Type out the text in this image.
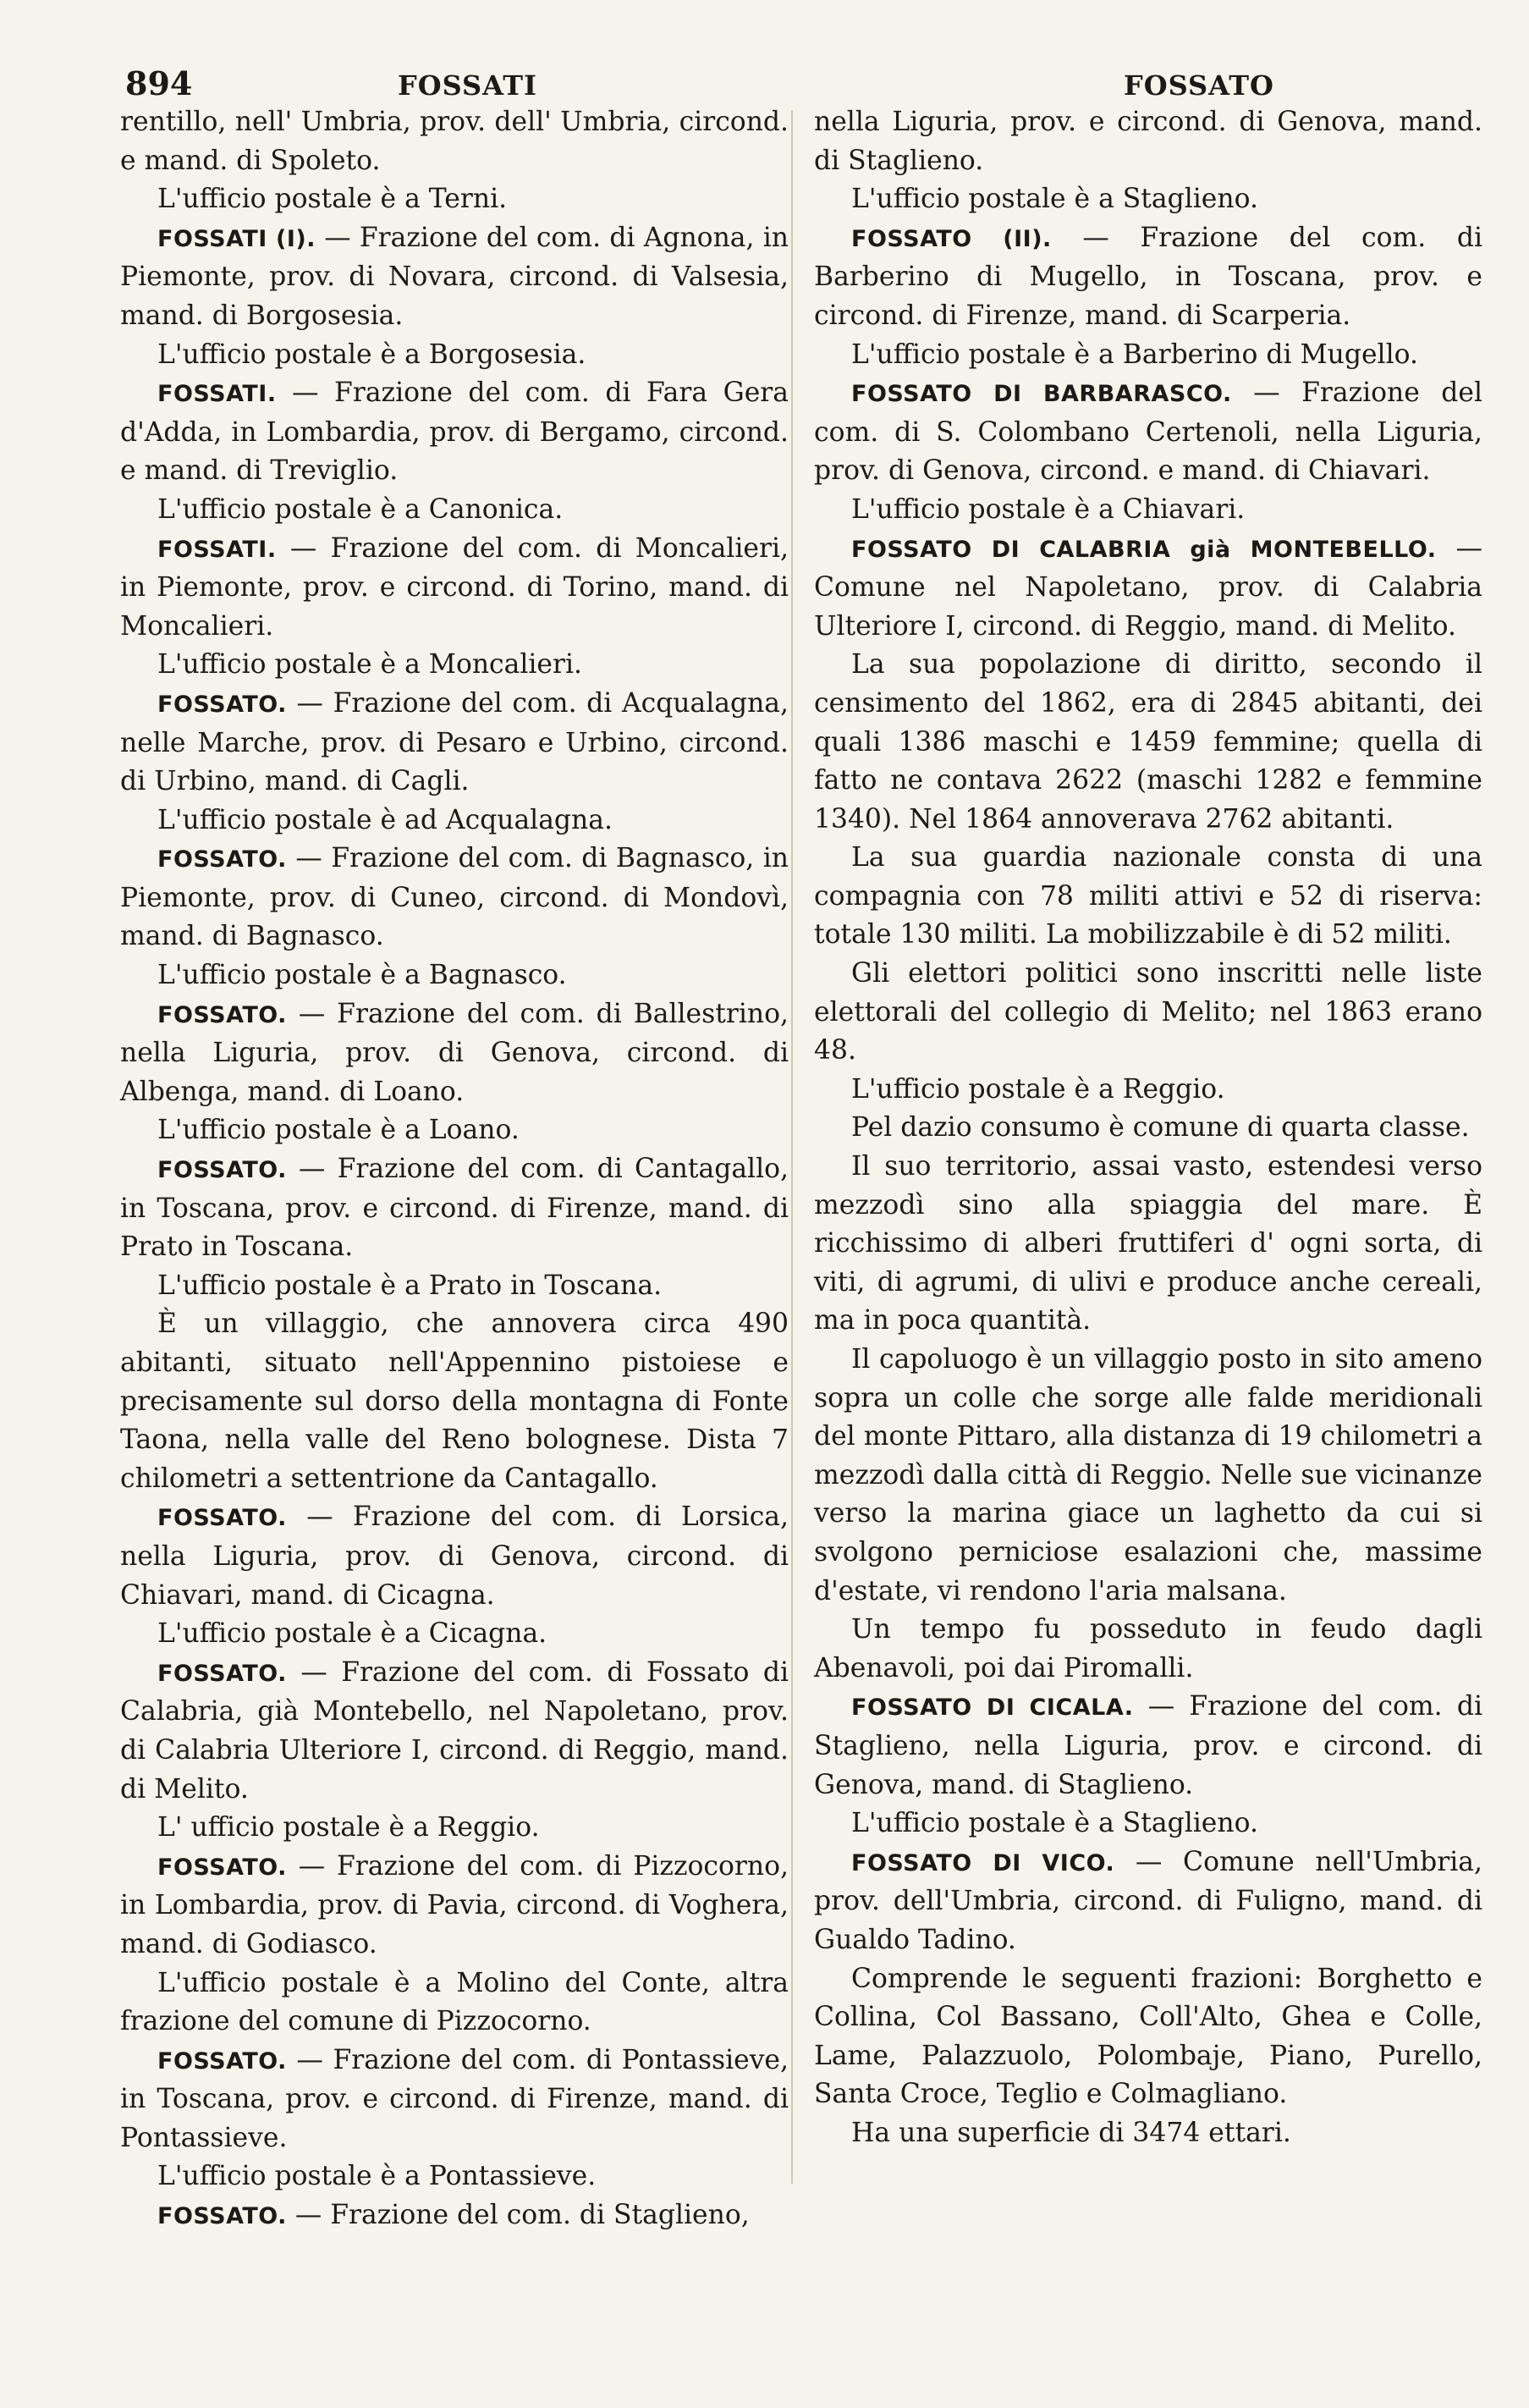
894	FOSSATI	FOSSATO

rentillo, nell' Umbria, prov. dell' Umbria, circond. e mand. di Spoleto.

L'ufficio postale è a Terni.

FOSSATI (I). — Frazione del com. di Agnona, in Piemonte, prov. di Novara, circond. di Valsesia, mand. di Borgosesia.

L'ufficio postale è a Borgosesia.

FOSSATI. — Frazione del com. di Fara Gera d'Adda, in Lombardia, prov. di Bergamo, circond. e mand. di Treviglio.

L'ufficio postale è a Canonica.

FOSSATI. — Frazione del com. di Moncalieri, in Piemonte, prov. e circond. di Torino, mand. di Moncalieri.

L'ufficio postale è a Moncalieri.

FOSSATO. — Frazione del com. di Acqualagna, nelle Marche, prov. di Pesaro e Urbino, circond. di Urbino, mand. di Cagli.

L'ufficio postale è ad Acqualagna.

FOSSATO. — Frazione del com. di Bagnasco, in Piemonte, prov. di Cuneo, circond. di Mondovì, mand. di Bagnasco.

L'ufficio postale è a Bagnasco.

FOSSATO. — Frazione del com. di Ballestrino, nella Liguria, prov. di Genova, circond. di Albenga, mand. di Loano.

L'ufficio postale è a Loano.

FOSSATO. — Frazione del com. di Cantagallo, in Toscana, prov. e circond. di Firenze, mand. di Prato in Toscana.

L'ufficio postale è a Prato in Toscana.

È un villaggio, che annovera circa 490 abitanti, situato nell'Appennino pistoiese e precisamente sul dorso della montagna di Fonte Taona, nella valle del Reno bolognese. Dista 7 chilometri a settentrione da Cantagallo.

FOSSATO. — Frazione del com. di Lorsica, nella Liguria, prov. di Genova, circond. di Chiavari, mand. di Cicagna.

L'ufficio postale è a Cicagna.

FOSSATO. — Frazione del com. di Fossato di Calabria, già Montebello, nel Napoletano, prov. di Calabria Ulteriore I, circond. di Reggio, mand. di Melito.

L' ufficio postale è a Reggio.

FOSSATO. — Frazione del com. di Pizzocorno, in Lombardia, prov. di Pavia, circond. di Voghera, mand. di Godiasco.

L'ufficio postale è a Molino del Conte, altra frazione del comune di Pizzocorno.

FOSSATO. — Frazione del com. di Pontassieve, in Toscana, prov. e circond. di Firenze, mand. di Pontassieve.

L'ufficio postale è a Pontassieve.

FOSSATO. — Frazione del com. di Staglieno,

nella Liguria, prov. e circond. di Genova, mand. di Staglieno.

L'ufficio postale è a Staglieno.

FOSSATO (II). — Frazione del com. di Barberino di Mugello, in Toscana, prov. e circond. di Firenze, mand. di Scarperia.

L'ufficio postale è a Barberino di Mugello.

FOSSATO DI BARBARASCO. — Frazione del com. di S. Colombano Certenoli, nella Liguria, prov. di Genova, circond. e mand. di Chiavari.

L'ufficio postale è a Chiavari.

FOSSATO DI CALABRIA già MONTEBELLO. — Comune nel Napoletano, prov. di Calabria Ulteriore I, circond. di Reggio, mand. di Melito.

La sua popolazione di diritto, secondo il censimento del 1862, era di 2845 abitanti, dei quali 1386 maschi e 1459 femmine; quella di fatto ne contava 2622 (maschi 1282 e femmine 1340). Nel 1864 annoverava 2762 abitanti.

La sua guardia nazionale consta di una compagnia con 78 militi attivi e 52 di riserva: totale 130 militi. La mobilizzabile è di 52 militi.

Gli elettori politici sono inscritti nelle liste elettorali del collegio di Melito; nel 1863 erano 48.

L'ufficio postale è a Reggio.

Pel dazio consumo è comune di quarta classe.

Il suo territorio, assai vasto, estendesi verso mezzodì sino alla spiaggia del mare. È ricchissimo di alberi fruttiferi d' ogni sorta, di viti, di agrumi, di ulivi e produce anche cereali, ma in poca quantità.

Il capoluogo è un villaggio posto in sito ameno sopra un colle che sorge alle falde meridionali del monte Pittaro, alla distanza di 19 chilometri a mezzodì dalla città di Reggio. Nelle sue vicinanze verso la marina giace un laghetto da cui si svolgono perniciose esalazioni che, massime d'estate, vi rendono l'aria malsana.

Un tempo fu posseduto in feudo dagli Abenavoli, poi dai Piromalli.

FOSSATO DI CICALA. — Frazione del com. di Staglieno, nella Liguria, prov. e circond. di Genova, mand. di Staglieno.

L'ufficio postale è a Staglieno.

FOSSATO DI VICO. — Comune nell'Umbria, prov. dell'Umbria, circond. di Fuligno, mand. di Gualdo Tadino.

Comprende le seguenti frazioni: Borghetto e Collina, Col Bassano, Coll'Alto, Ghea e Colle, Lame, Palazzuolo, Polombaje, Piano, Purello, Santa Croce, Teglio e Colmagliano.

Ha una superficie di 3474 ettari.
